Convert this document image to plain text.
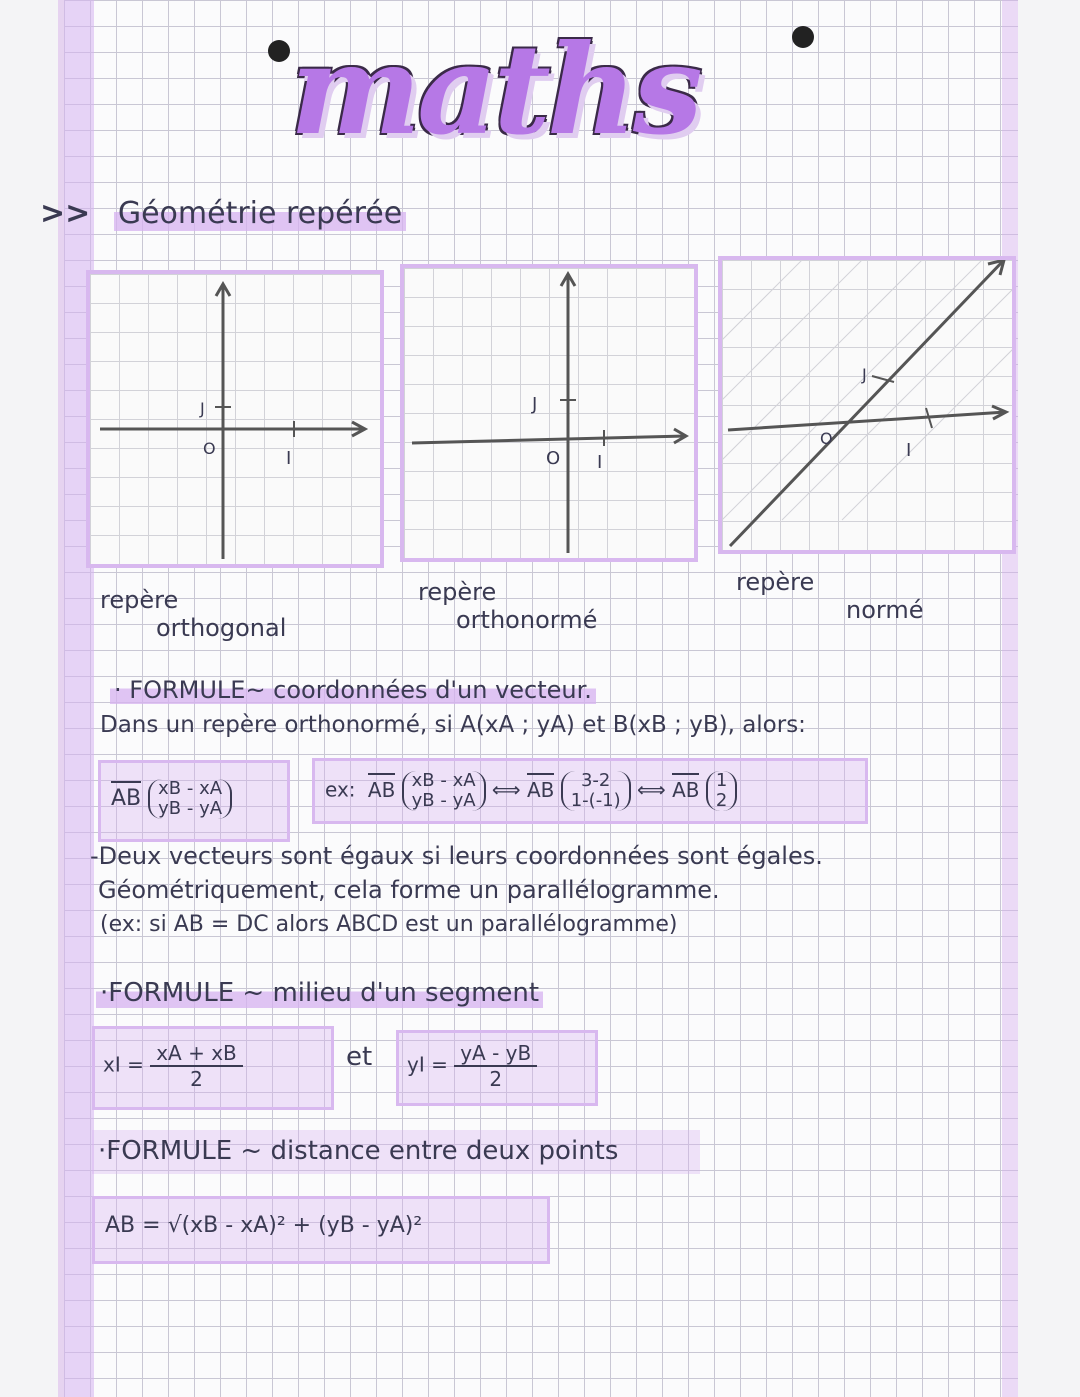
maths
>> Géométrie repérée
J
O	I
repère
orthogonal
J
O I
repère
orthonormé
J
O
I
repère
normé
· FORMULE~ coordonnées d'un vecteur.
Dans un repère orthonormé, si A(xA ; yA) et B(xB ; yB), alors:
AB xB - xA
yB - yA
ex: AB xB - xA
yB - yA ⟺ AB 3-2
1-(-1) ⟺ AB 1
2
-Deux vecteurs sont égaux si leurs coordonnées sont égales.
Géométriquement, cela forme un parallélogramme.
(ex: si AB = DC alors ABCD est un parallélogramme)
·FORMULE ~ milieu d'un segment
xI = $\frac{xA + xB}{2}$	et yI = $\frac{yA - yB}{2}$
·FORMULE ~ distance entre deux points
AB = √(xB - xA)² + (yB - yA)²
